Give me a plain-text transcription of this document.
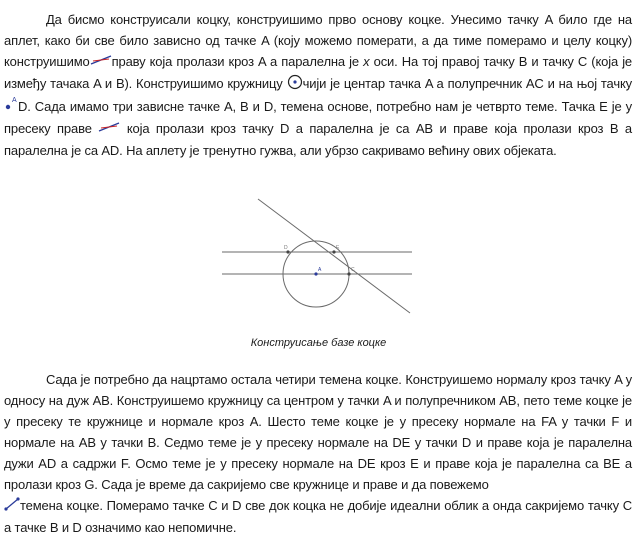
Да бисмо конструисали коцку, конструишимо прво основу коцке. Унесимо тачку A било где на аплет, како би све било зависно од тачке A (коју можемо померати, а да тиме померамо и целу коцку) конструишимо праву која пролази кроз A а паралелна је x оси. На тој правој тачку B и тачку C (која је између тачака A и B). Конструишимо кружницу чији је центар тачка A а полупречник AC и на њој тачку
A D. Сада имамо три зависне тачке A, B и D, темена основе, потребно нам је четврто теме. Тачка E је у пресеку праве	која пролази кроз тачку D а паралелна је са AB и праве која пролази кроз B а паралелна је са AD. На аплету је тренутно гужва, али убрзо сакривамо већину ових објеката.

D	E
A	C
Конструисање базе коцке

Сада је потребно да нацртамо остала четири темена коцке. Конструишемо нормалу кроз тачку A у односу на дуж AB. Конструишемо кружницу са центром у тачки A и полупречником AB, пето теме коцке је у пресеку те кружнице и нормале кроз A. Шесто теме коцке је у пресеку нормале на FA у тачки F и нормале на AB у тачки B. Седмо теме је у пресеку нормале на DE у тачки D и праве која је паралелна дужи AD а садржи F. Осмо теме је у пресеку нормале на DE кроз E и праве која је паралелна са BE а пролази кроз G. Сада је време да сакријемо све кружнице и праве и да повежемо
темена коцке. Померамо тачке C и D све док коцка не добије идеални облик а онда сакријемо тачку C а тачке B и D означимо као непомичне.
